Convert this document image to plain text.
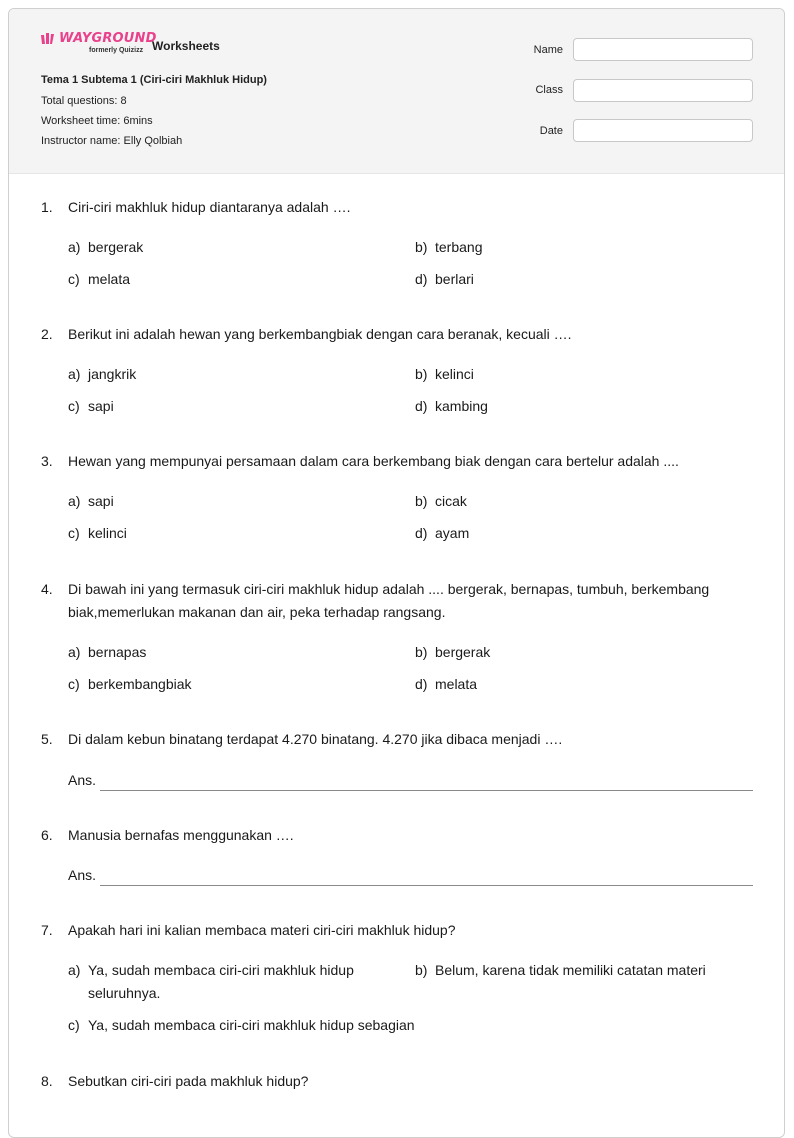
WAYGROUND
formerly Quizizz Worksheets
Tema 1 Subtema 1 (Ciri-ciri Makhluk Hidup)
Total questions: 8
Worksheet time: 6mins
Instructor name: Elly Qolbiah
Name
Class
Date
1. Ciri-ciri makhluk hidup diantaranya adalah ….
a) bergerak	b) terbang
c) melata	d) berlari
2. Berikut ini adalah hewan yang berkembangbiak dengan cara beranak, kecuali ….
a) jangkrik	b) kelinci
c) sapi	d) kambing
3. Hewan yang mempunyai persamaan dalam cara berkembang biak dengan cara bertelur adalah ....
a) sapi	b) cicak
c) kelinci	d) ayam
4. Di bawah ini yang termasuk ciri-ciri makhluk hidup adalah .... bergerak, bernapas, tumbuh, berkembang biak,memerlukan makanan dan air, peka terhadap rangsang.
a) bernapas	b) bergerak
c) berkembangbiak	d) melata
5. Di dalam kebun binatang terdapat 4.270 binatang. 4.270 jika dibaca menjadi ….
Ans.
6. Manusia bernafas menggunakan ….
Ans.
7. Apakah hari ini kalian membaca materi ciri-ciri makhluk hidup?
a) Ya, sudah membaca ciri-ciri makhluk hidup seluruhnya.
b) Belum, karena tidak memiliki catatan materi
c) Ya, sudah membaca ciri-ciri makhluk hidup sebagian
8. Sebutkan ciri-ciri pada makhluk hidup?
